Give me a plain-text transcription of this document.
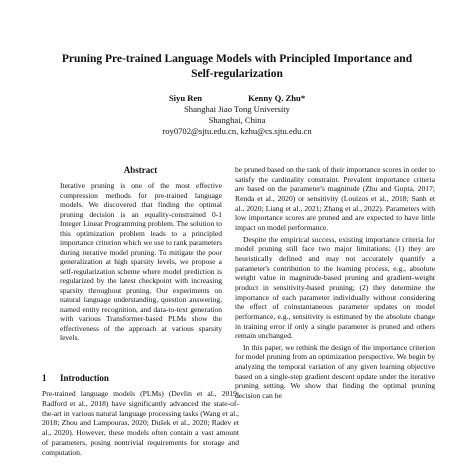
Pruning Pre-trained Language Models with Principled Importance and Self-regularization
Siyu Ren	Kenny Q. Zhu*
Shanghai Jiao Tong University
Shanghai, China
roy0702@sjtu.edu.cn, kzhu@cs.sjtu.edu.cn
Abstract
Iterative pruning is one of the most effective compression methods for pre-trained language models. We discovered that finding the optimal pruning decision is an equality-constrained 0-1 Integer Linear Programming problem. The solution to this optimization problem leads to a principled importance criterion which we use to rank parameters during iterative model pruning. To mitigate the poor generalization at high sparsity levels, we propose a self-regularization scheme where model prediction is regularized by the latest checkpoint with increasing sparsity throughout pruning. Our experiments on natural language understanding, question answering, named entity recognition, and data-to-text generation with various Transformer-based PLMs show the effectiveness of the approach at various sparsity levels.
1 Introduction
Pre-trained language models (PLMs) (Devlin et al., 2019; Radford et al., 2018) have significantly advanced the state-of-the-art in various natural language processing tasks (Wang et al., 2018; Zhou and Lampouras, 2020; Dušek et al., 2020; Radev et al., 2020). However, these models often contain a vast amount of parameters, posing nontrivial requirements for storage and computation.

be pruned based on the rank of their importance scores in order to satisfy the cardinality constraint. Prevalent importance criteria are based on the parameter's magnitude (Zhu and Gupta, 2017; Renda et al., 2020) or sensitivity (Louizos et al., 2018; Sanh et al., 2020; Liang et al., 2021; Zhang et al., 2022). Parameters with low importance scores are pruned and are expected to have little impact on model performance.

Despite the empirical success, existing importance criteria for model pruning still face two major limitations: (1) they are heuristically defined and may not accurately quantify a parameter's contribution to the learning process, e.g., absolute weight value in magnitude-based pruning and gradient-weight product in sensitivity-based pruning; (2) they determine the importance of each parameter individually without considering the effect of coinstantaneous parameter updates on model performance, e.g., sensitivity is estimated by the absolute change in training error if only a single parameter is pruned and others remain unchanged.

In this paper, we rethink the design of the importance criterion for model pruning from an optimization perspective. We begin by analyzing the temporal variation of any given learning objective based on a single-step gradient descent update under the iterative pruning setting. We show that finding the optimal pruning decision can be
